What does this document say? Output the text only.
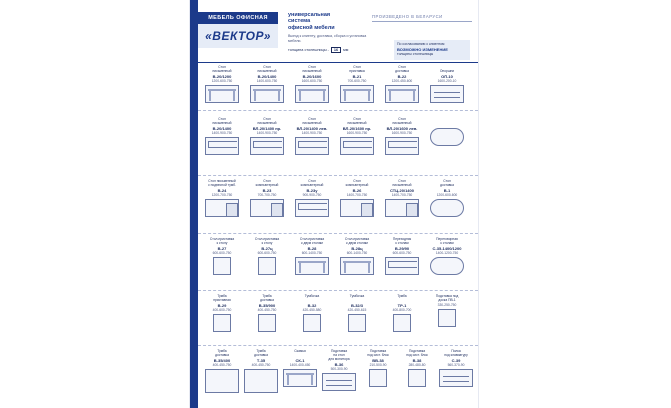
МЕБЕЛЬ ОФИСНАЯ
«ВЕКТОР»
универсальная
система
офисной мебели
ПРОИЗВЕДЕНО В БЕЛАРУСИ
Выезд к клиенту, доставка, сборка и установка мебели.
толщина столешницы -	16	мм
По согласованию с клиентом
ВОЗМОЖНО ИЗМЕНЕНИЕ
толщины столешницы
Стол
письменный
В-20/1200
1200-600-750
Стол
письменный
В-20/1400
1400-600-750
Стол
письменный
В-20/1600
1600-600-750
Стол
приставка
В-21
700-600-750
Стол
доставка
В-22
1200-450-600

Опоршни
ОП-10
1600-200-10
Стол
письменный
В-20/1400
1400-900-750
Стол
письменный
ВЛ-20/1400 пр.
1400-900-750
Стол
письменный
ВЛ-20/1400 лев.
1400-900-750
Стол
письменный
ВЛ-20/1600 пр.
1600-900-750
Стол
письменный
ВЛ-20/1600 лев.
1600-900-750
Стол письменный
с подвесной тумб.
В-24
1200-700-750
Стол
компьютерный
В-23
700-700-750
Стол
компьютерный
В-23у
900-900-750
Стол
компьютерный
В-26
1400-700-750
Стол
письменный
СТЦ-20/1400
1400-700-750
Стол
доставка
В-1
1200-600-600
Стол-приставка
к столу
В-27
600-600-750
Стол-приставка
к столу
В-27ц
600-600-750
Стол-приставка
к двум столам
В-28
600-1400-750
Стол-приставка
к двум столам
В-28ц
600-1400-750
Переходник
к столам
В-29/90
600-600-750
Переговорная
к столам
С-35-1400/1200
1400-1200-750
Тумба
приставная
В-29
400-600-750
Тумба
доставка
В-35/900
400-450-750
Тумбочка
В-32
420-450-580
Тумбочка
В-32/3
420-450-615
Тумба
ТР-1
400-800-700
Подставка под
доска ПВ-1
330-250-750
Тумба
доставка
В-35/400
400-450-750
Тумба
доставка
Т-35
400-450-750
Скамья
СК-1
1400-400-450
Подставка
на стол
для монитора
В-36
500-300-90
Подставка
под сист. блок
ВВ-38
210-500-90
Подставка
под сист. блок
В-38
280-480-80
Полка
под клавиатуру
С-39
560-370-90
